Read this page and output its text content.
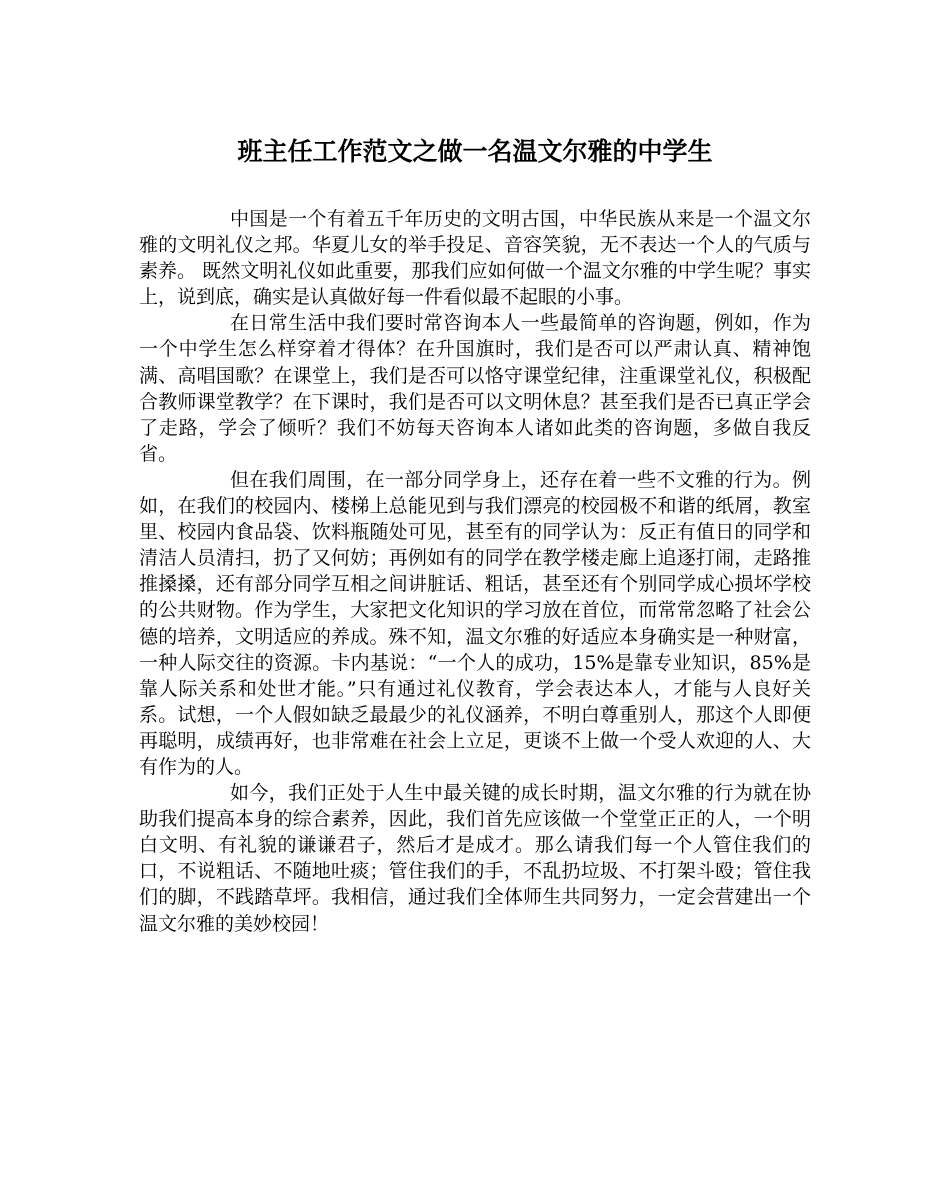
班主任工作范文之做一名温文尔雅的中学生

中国是一个有着五千年历史的文明古国，中华民族从来是一个温文尔雅的文明礼仪之邦。华夏儿女的举手投足、音容笑貌，无不表达一个人的气质与素养。 既然文明礼仪如此重要，那我们应如何做一个温文尔雅的中学生呢？事实上，说到底，确实是认真做好每一件看似最不起眼的小事。

在日常生活中我们要时常咨询本人一些最简单的咨询题，例如，作为一个中学生怎么样穿着才得体？在升国旗时，我们是否可以严肃认真、精神饱满、高唱国歌？在课堂上，我们是否可以恪守课堂纪律，注重课堂礼仪，积极配合教师课堂教学？在下课时，我们是否可以文明休息？甚至我们是否已真正学会了走路，学会了倾听？我们不妨每天咨询本人诸如此类的咨询题，多做自我反省。

但在我们周围，在一部分同学身上，还存在着一些不文雅的行为。例如，在我们的校园内、楼梯上总能见到与我们漂亮的校园极不和谐的纸屑，教室里、校园内食品袋、饮料瓶随处可见，甚至有的同学认为：反正有值日的同学和清洁人员清扫，扔了又何妨；再例如有的同学在教学楼走廊上追逐打闹，走路推推搡搡，还有部分同学互相之间讲脏话、粗话，甚至还有个别同学成心损坏学校的公共财物。作为学生，大家把文化知识的学习放在首位，而常常忽略了社会公德的培养，文明适应的养成。殊不知，温文尔雅的好适应本身确实是一种财富，一种人际交往的资源。卡内基说：“一个人的成功，15%是靠专业知识，85%是靠人际关系和处世才能。”只有通过礼仪教育，学会表达本人，才能与人良好关系。试想，一个人假如缺乏最最少的礼仪涵养，不明白尊重别人，那这个人即便再聪明，成绩再好，也非常难在社会上立足，更谈不上做一个受人欢迎的人、大有作为的人。

如今，我们正处于人生中最关键的成长时期，温文尔雅的行为就在协助我们提高本身的综合素养，因此，我们首先应该做一个堂堂正正的人，一个明白文明、有礼貌的谦谦君子，然后才是成才。那么请我们每一个人管住我们的口，不说粗话、不随地吐痰；管住我们的手，不乱扔垃圾、不打架斗殴；管住我们的脚，不践踏草坪。我相信，通过我们全体师生共同努力，一定会营建出一个温文尔雅的美妙校园！
